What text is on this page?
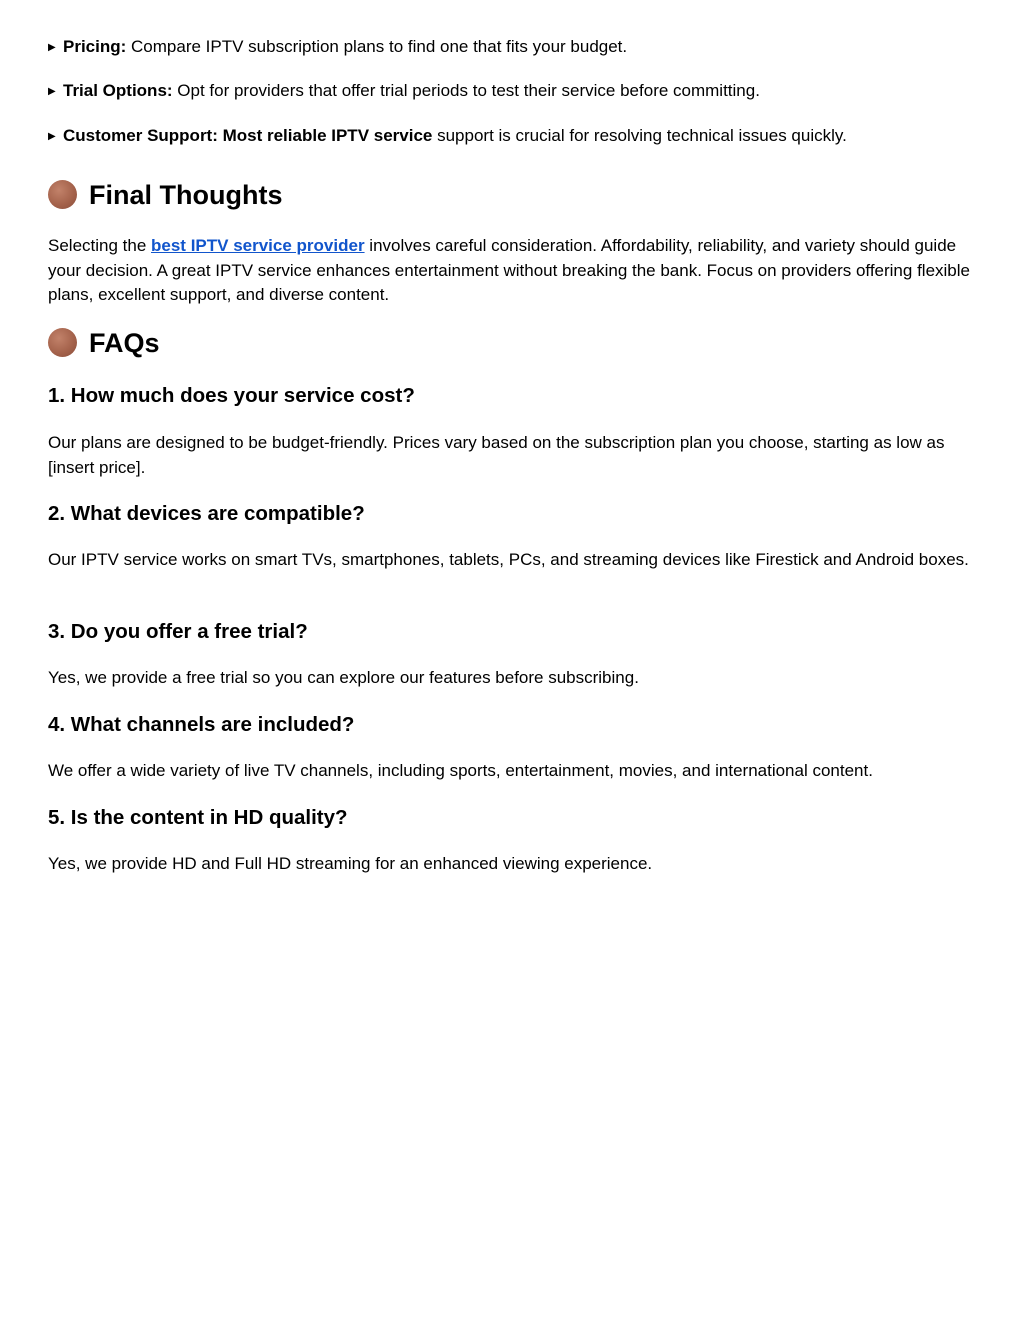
▶ Pricing: Compare IPTV subscription plans to find one that fits your budget.
▶ Trial Options: Opt for providers that offer trial periods to test their service before committing.
▶ Customer Support: Most reliable IPTV service support is crucial for resolving technical issues quickly.
Final Thoughts
Selecting the best IPTV service provider involves careful consideration. Affordability, reliability, and variety should guide your decision. A great IPTV service enhances entertainment without breaking the bank. Focus on providers offering flexible plans, excellent support, and diverse content.
FAQs
1. How much does your service cost?
Our plans are designed to be budget-friendly. Prices vary based on the subscription plan you choose, starting as low as [insert price].
2. What devices are compatible?
Our IPTV service works on smart TVs, smartphones, tablets, PCs, and streaming devices like Firestick and Android boxes.
3. Do you offer a free trial?
Yes, we provide a free trial so you can explore our features before subscribing.
4. What channels are included?
We offer a wide variety of live TV channels, including sports, entertainment, movies, and international content.
5. Is the content in HD quality?
Yes, we provide HD and Full HD streaming for an enhanced viewing experience.
